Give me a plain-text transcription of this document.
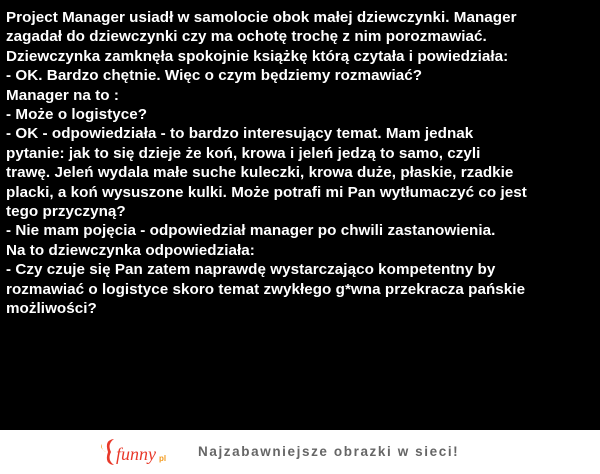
Project Manager usiadł w samolocie obok małej dziewczynki. Manager
zagadał do dziewczynki czy ma ochotę trochę z nim porozmawiać.
Dziewczynka zamknęła spokojnie książkę którą czytała i powiedziała:
- OK. Bardzo chętnie. Więc o czym będziemy rozmawiać?
Manager na to :
- Może o logistyce?
- OK - odpowiedziała - to bardzo interesujący temat. Mam jednak
pytanie: jak to się dzieje że koń, krowa i jeleń jedzą to samo, czyli
trawę. Jeleń wydala małe suche kuleczki, krowa duże, płaskie, rzadkie
placki, a koń wysuszone kulki. Może potrafi mi Pan wytłumaczyć co jest
tego przyczyną?
- Nie mam pojęcia - odpowiedział manager po chwili zastanowienia.
Na to dziewczynka odpowiedziała:
- Czy czuje się Pan zatem naprawdę wystarczająco kompetentny by
rozmawiać o logistyce skoro temat zwykłego g*wna przekracza pańskie
możliwości?
funny pl Najzabawniejsze obrazki w sieci!
